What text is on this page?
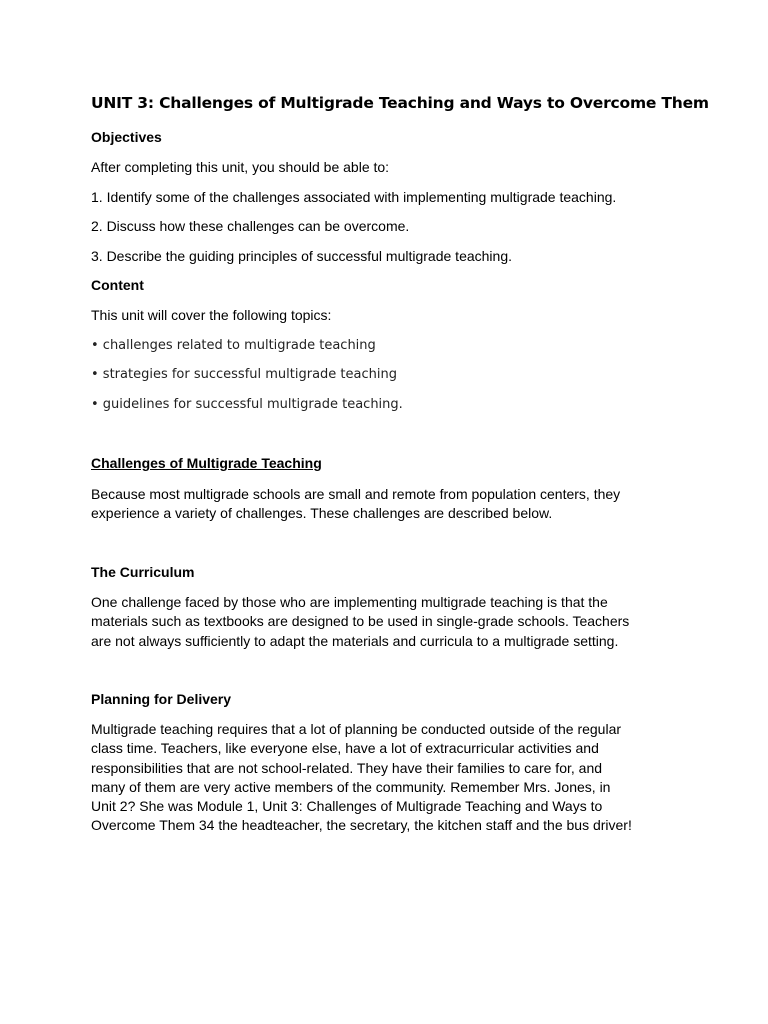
UNIT 3: Challenges of Multigrade Teaching and Ways to Overcome Them
Objectives
After completing this unit, you should be able to:
1. Identify some of the challenges associated with implementing multigrade teaching.
2. Discuss how these challenges can be overcome.
3. Describe the guiding principles of successful multigrade teaching.
Content
This unit will cover the following topics:
• challenges related to multigrade teaching
• strategies for successful multigrade teaching
• guidelines for successful multigrade teaching.
Challenges of Multigrade Teaching

Because most multigrade schools are small and remote from population centers, they

experience a variety of challenges. These challenges are described below.

The Curriculum

One challenge faced by those who are implementing multigrade teaching is that the

materials such as textbooks are designed to be used in single-grade schools. Teachers

are not always sufficiently to adapt the materials and curricula to a multigrade setting.

Planning for Delivery

Multigrade teaching requires that a lot of planning be conducted outside of the regular

class time. Teachers, like everyone else, have a lot of extracurricular activities and

responsibilities that are not school-related. They have their families to care for, and

many of them are very active members of the community. Remember Mrs. Jones, in

Unit 2? She was Module 1, Unit 3: Challenges of Multigrade Teaching and Ways to

Overcome Them 34 the headteacher, the secretary, the kitchen staff and the bus driver!
